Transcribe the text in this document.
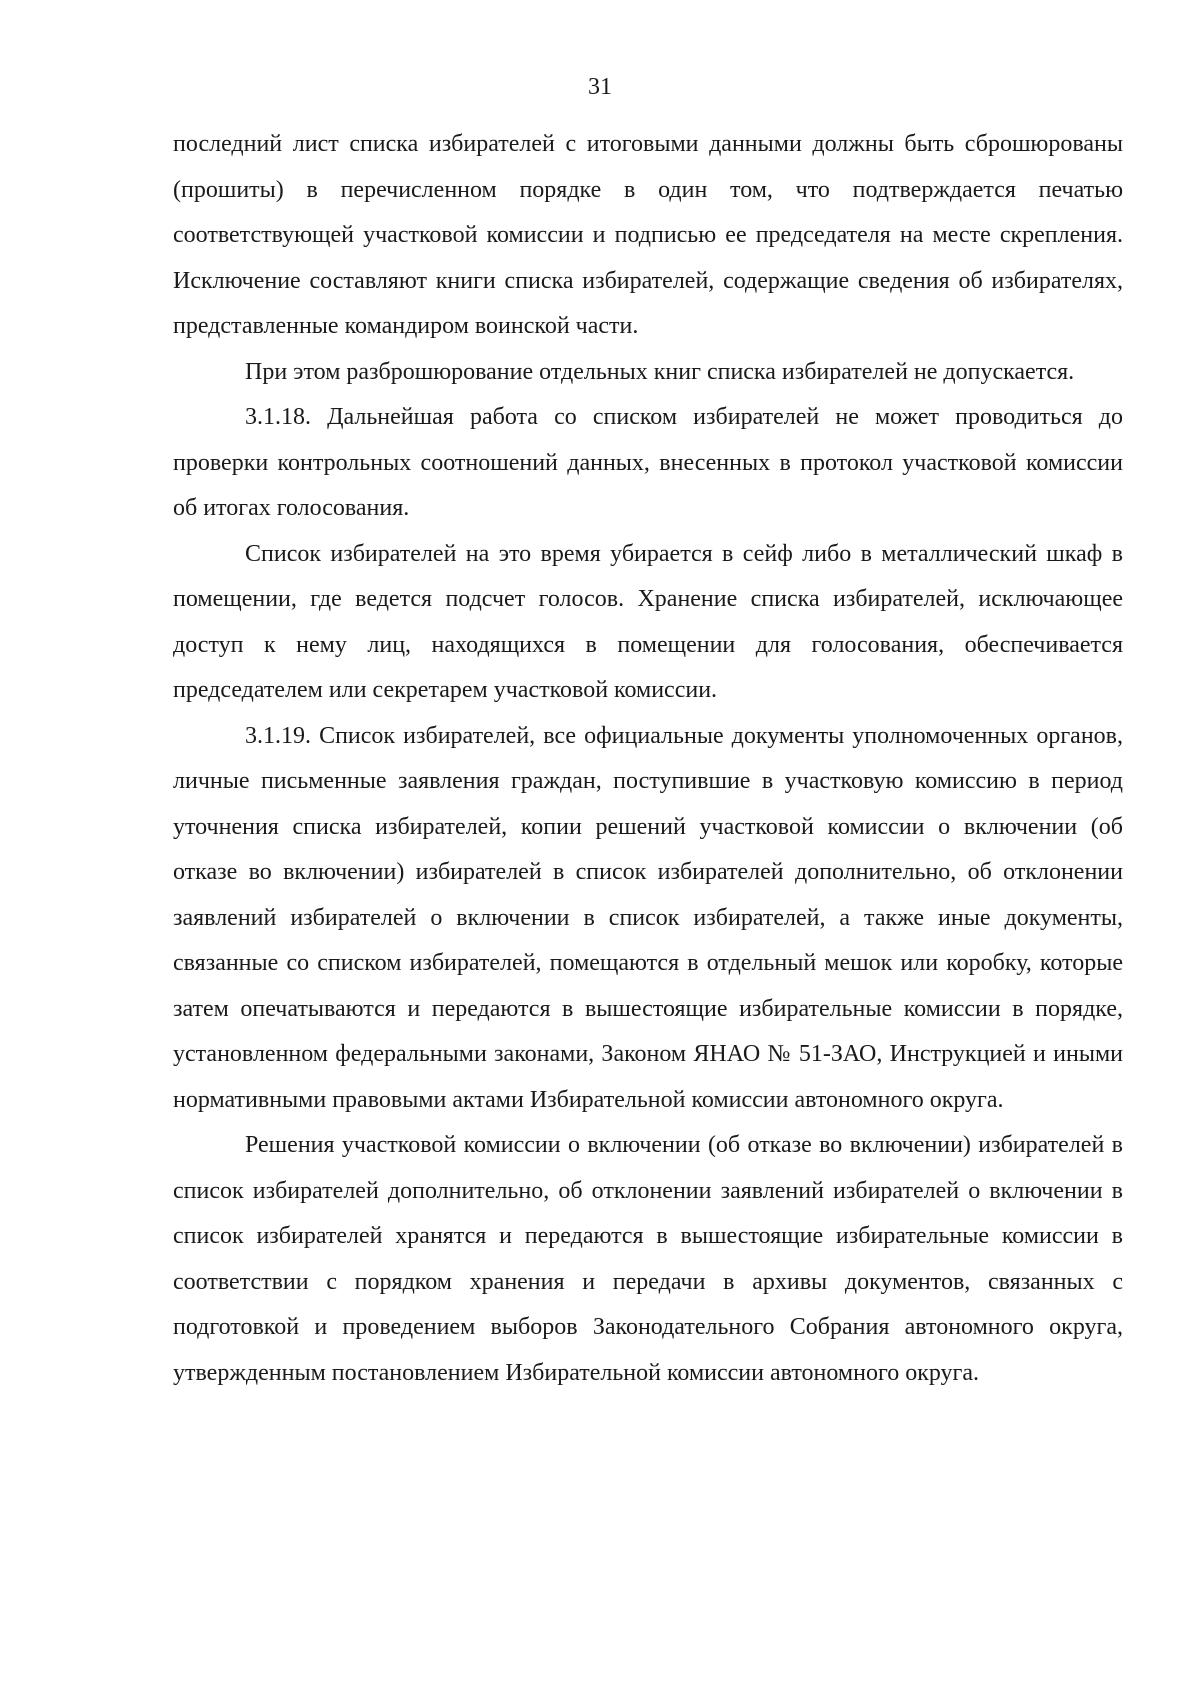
31

последний лист списка избирателей с итоговыми данными должны быть сброшюрованы (прошиты) в перечисленном порядке в один том, что подтверждается печатью соответствующей участковой комиссии и подписью ее председателя на месте скрепления. Исключение составляют книги списка избирателей, содержащие сведения об избирателях, представленные командиром воинской части.

При этом разброшюрование отдельных книг списка избирателей не допускается.

3.1.18. Дальнейшая работа со списком избирателей не может проводиться до проверки контрольных соотношений данных, внесенных в протокол участковой комиссии об итогах голосования.

Список избирателей на это время убирается в сейф либо в металлический шкаф в помещении, где ведется подсчет голосов. Хранение списка избирателей, исключающее доступ к нему лиц, находящихся в помещении для голосования, обеспечивается председателем или секретарем участковой комиссии.

3.1.19. Список избирателей, все официальные документы уполномоченных органов, личные письменные заявления граждан, поступившие в участковую комиссию в период уточнения списка избирателей, копии решений участковой комиссии о включении (об отказе во включении) избирателей в список избирателей дополнительно, об отклонении заявлений избирателей о включении в список избирателей, а также иные документы, связанные со списком избирателей, помещаются в отдельный мешок или коробку, которые затем опечатываются и передаются в вышестоящие избирательные комиссии в порядке, установленном федеральными законами, Законом ЯНАО № 51-ЗАО, Инструкцией и иными нормативными правовыми актами Избирательной комиссии автономного округа.

Решения участковой комиссии о включении (об отказе во включении) избирателей в список избирателей дополнительно, об отклонении заявлений избирателей о включении в список избирателей хранятся и передаются в вышестоящие избирательные комиссии в соответствии с порядком хранения и передачи в архивы документов, связанных с подготовкой и проведением выборов Законодательного Собрания автономного округа, утвержденным постановлением Избирательной комиссии автономного округа.
